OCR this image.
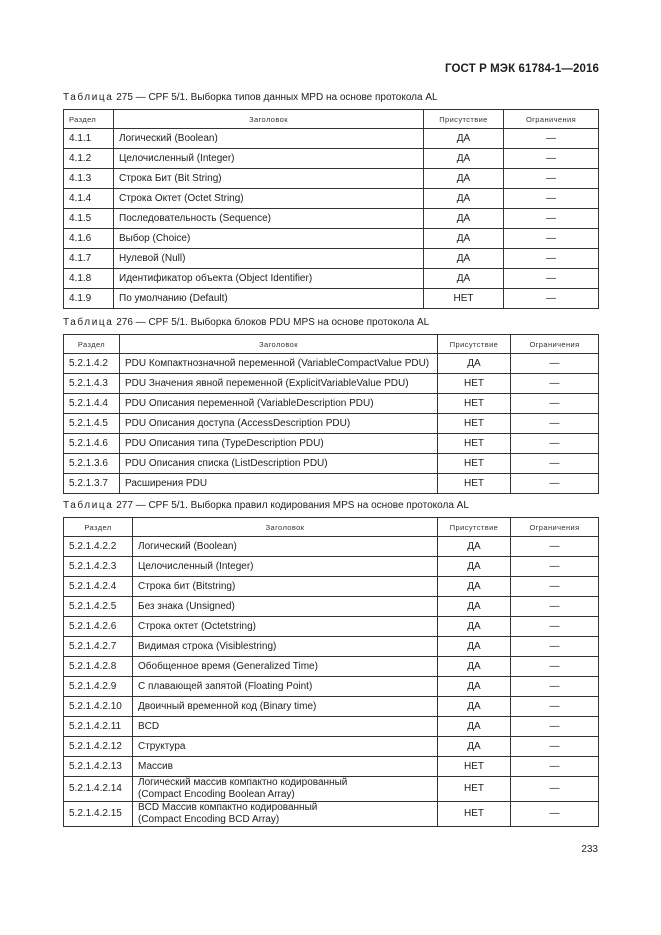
ГОСТ Р МЭК 61784-1—2016
Таблица 275 — CPF 5/1. Выборка типов данных MPD на основе протокола AL
Раздел	Заголовок	Присутствие	Ограничения
4.1.1	Логический (Boolean)	ДА	—
4.1.2	Целочисленный (Integer)	ДА	—
4.1.3	Строка Бит (Bit String)	ДА	—
4.1.4	Строка Октет (Octet String)	ДА	—
4.1.5	Последовательность (Sequence)	ДА	—
4.1.6	Выбор (Choice)	ДА	—
4.1.7	Нулевой (Null)	ДА	—
4.1.8	Идентификатор объекта (Object Identifier)	ДА	—
4.1.9	По умолчанию (Default)	НЕТ	—
Таблица 276 — CPF 5/1. Выборка блоков PDU MPS на основе протокола AL
Раздел	Заголовок	Присутствие	Ограничения
5.2.1.4.2	PDU Компактнозначной переменной (VariableCompactValue PDU)	ДА	—
5.2.1.4.3	PDU Значения явной переменной (ExplicitVariableValue PDU)	НЕТ	—
5.2.1.4.4	PDU Описания переменной (VariableDescription PDU)	НЕТ	—
5.2.1.4.5	PDU Описания доступа (AccessDescription PDU)	НЕТ	—
5.2.1.4.6	PDU Описания типа (TypeDescription PDU)	НЕТ	—
5.2.1.3.6	PDU Описания списка (ListDescription PDU)	НЕТ	—
5.2.1.3.7	Расширения PDU	НЕТ	—
Таблица 277 — CPF 5/1. Выборка правил кодирования MPS на основе протокола AL
Раздел	Заголовок	Присутствие	Ограничения
5.2.1.4.2.2	Логический (Boolean)	ДА	—
5.2.1.4.2.3	Целочисленный (Integer)	ДА	—
5.2.1.4.2.4	Строка бит (Bitstring)	ДА	—
5.2.1.4.2.5	Без знака (Unsigned)	ДА	—
5.2.1.4.2.6	Строка октет (Octetstring)	ДА	—
5.2.1.4.2.7	Видимая строка (Visiblestring)	ДА	—
5.2.1.4.2.8	Обобщенное время (Generalized Time)	ДА	—
5.2.1.4.2.9	С плавающей запятой (Floating Point)	ДА	—
5.2.1.4.2.10	Двоичный временной код (Binary time)	ДА	—
5.2.1.4.2.11	BCD	ДА	—
5.2.1.4.2.12	Структура	ДА	—
5.2.1.4.2.13	Массив	НЕТ	—
5.2.1.4.2.14	Логический массив компактно кодированный
(Compact Encoding Boolean Array)	НЕТ	—
5.2.1.4.2.15	BCD Массив компактно кодированный
(Compact Encoding BCD Array)	НЕТ	—
233
